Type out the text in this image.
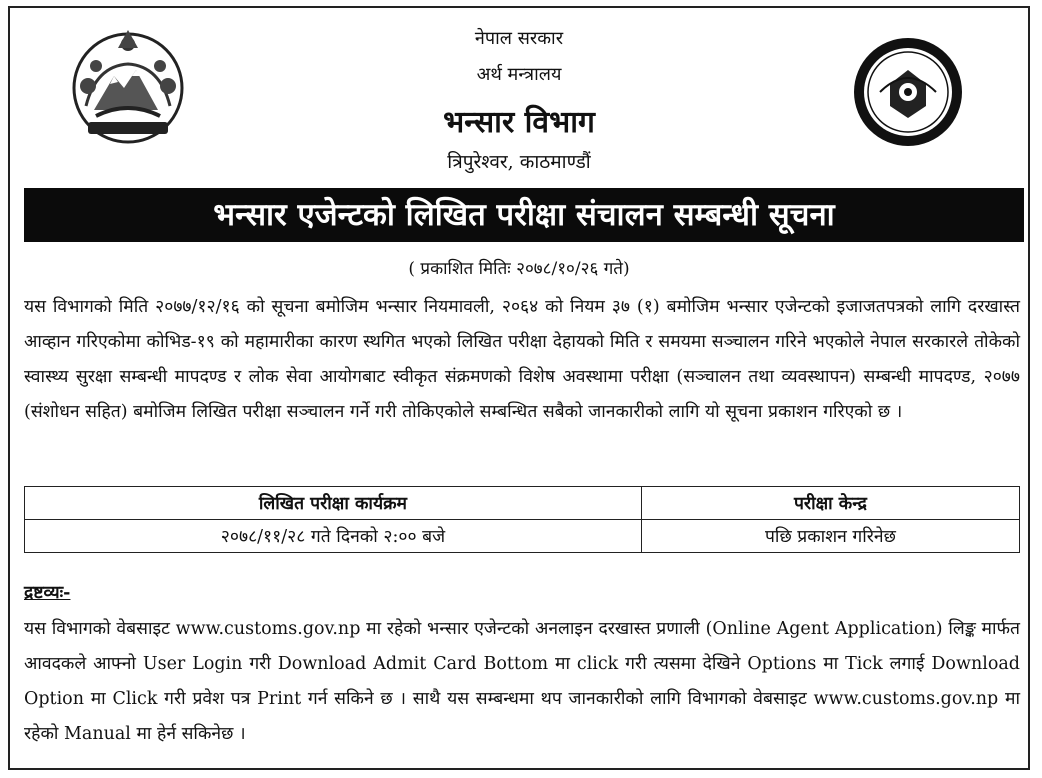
नेपाल सरकार
अर्थ मन्त्रालय
भन्सार विभाग
त्रिपुरेश्वर, काठमाण्डौं
भन्सार एजेन्टको लिखित परीक्षा संचालन सम्बन्धी सूचना
( प्रकाशित मितिः २०७८/१०/२६ गते)

यस विभागको मिति २०७७/१२/१६ को सूचना बमोजिम भन्सार नियमावली, २०६४ को नियम ३७ (१) बमोजिम भन्सार एजेन्टको इजाजतपत्रको लागि दरखास्त आव्हान गरिएकोमा कोभिड-१९ को महामारीका कारण स्थगित भएको लिखित परीक्षा देहायको मिति र समयमा सञ्चालन गरिने भएकोले नेपाल सरकारले तोकेको स्वास्थ्य सुरक्षा सम्बन्धी मापदण्ड र लोक सेवा आयोगबाट स्वीकृत संक्रमणको विशेष अवस्थामा परीक्षा (सञ्चालन तथा व्यवस्थापन) सम्बन्धी मापदण्ड, २०७७ (संशोधन सहित) बमोजिम लिखित परीक्षा सञ्चालन गर्ने गरी तोकिएकोले सम्बन्धित सबैको जानकारीको लागि यो सूचना प्रकाशन गरिएको छ ।

लिखित परीक्षा कार्यक्रम	परीक्षा केन्द्र
२०७८/११/२८ गते दिनको २:०० बजे	पछि प्रकाशन गरिनेछ
द्रष्टव्यः-

यस विभागको वेबसाइट www.customs.gov.np मा रहेको भन्सार एजेन्टको अनलाइन दरखास्त प्रणाली (Online Agent Application) लिङ्क मार्फत आवदकले आफ्नो User Login गरी Download Admit Card Bottom मा click गरी त्यसमा देखिने Options मा Tick लगाई Download Option मा Click गरी प्रवेश पत्र Print गर्न सकिने छ । साथै यस सम्बन्धमा थप जानकारीको लागि विभागको वेबसाइट www.customs.gov.np मा रहेको Manual मा हेर्न सकिनेछ ।
